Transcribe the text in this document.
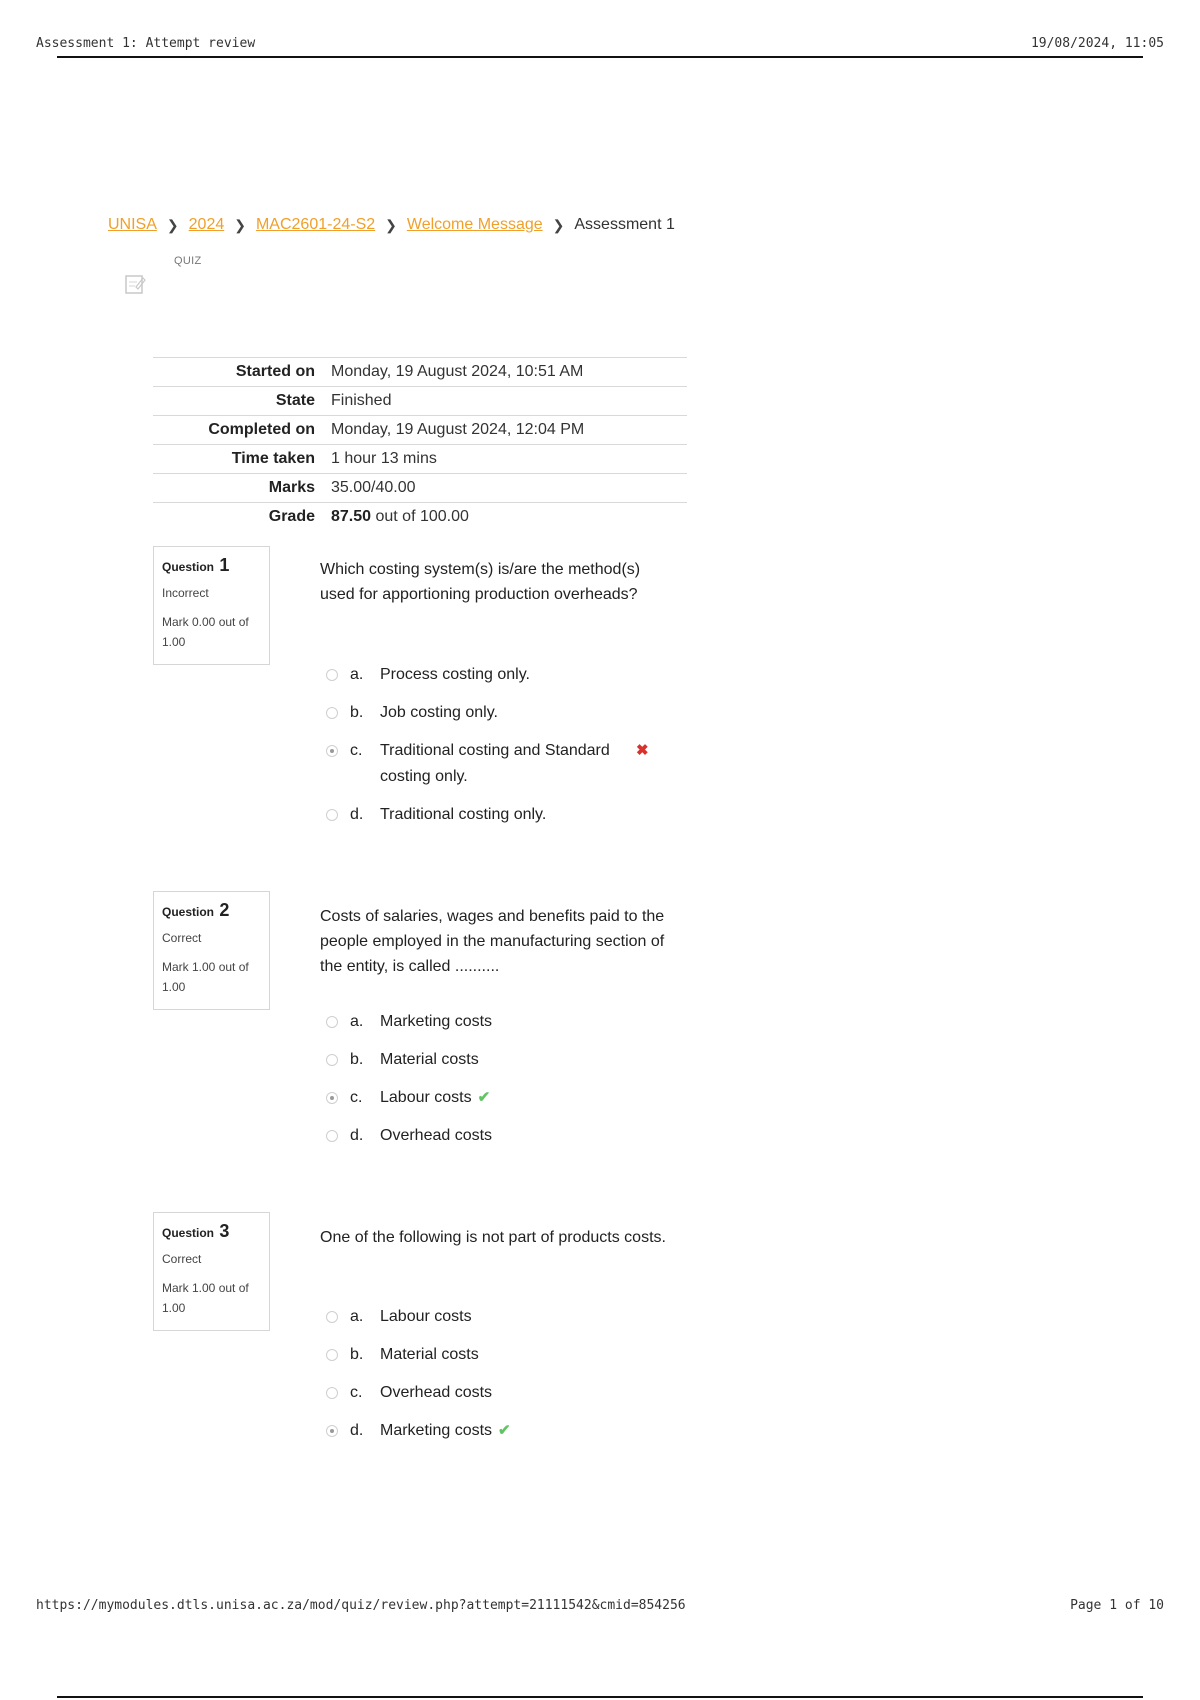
Assessment 1: Attempt review	19/08/2024, 11:05
UNISA ❯ 2024 ❯ MAC2601-24-S2 ❯ Welcome Message ❯ Assessment 1
QUIZ
Started on	Monday, 19 August 2024, 10:51 AM
State	Finished
Completed on	Monday, 19 August 2024, 12:04 PM
Time taken	1 hour 13 mins
Marks	35.00/40.00
Grade	87.50 out of 100.00
Question 1
Incorrect
Mark 0.00 out of 1.00
Which costing system(s) is/are the method(s) used for apportioning production overheads?
a.	Process costing only.
b.	Job costing only.
c.	Traditional costing and Standard costing only.
✖
d.	Traditional costing only.
Question 2
Correct
Mark 1.00 out of 1.00
Costs of salaries, wages and benefits paid to the people employed in the manufacturing section of the entity, is called ..........
a.	Marketing costs
b.	Material costs
c.	Labour costs ✔
d.	Overhead costs
Question 3
Correct
Mark 1.00 out of 1.00
One of the following is not part of products costs.
a.	Labour costs
b.	Material costs
c.	Overhead costs
d.	Marketing costs ✔
https://mymodules.dtls.unisa.ac.za/mod/quiz/review.php?attempt=21111542&cmid=854256	Page 1 of 10
